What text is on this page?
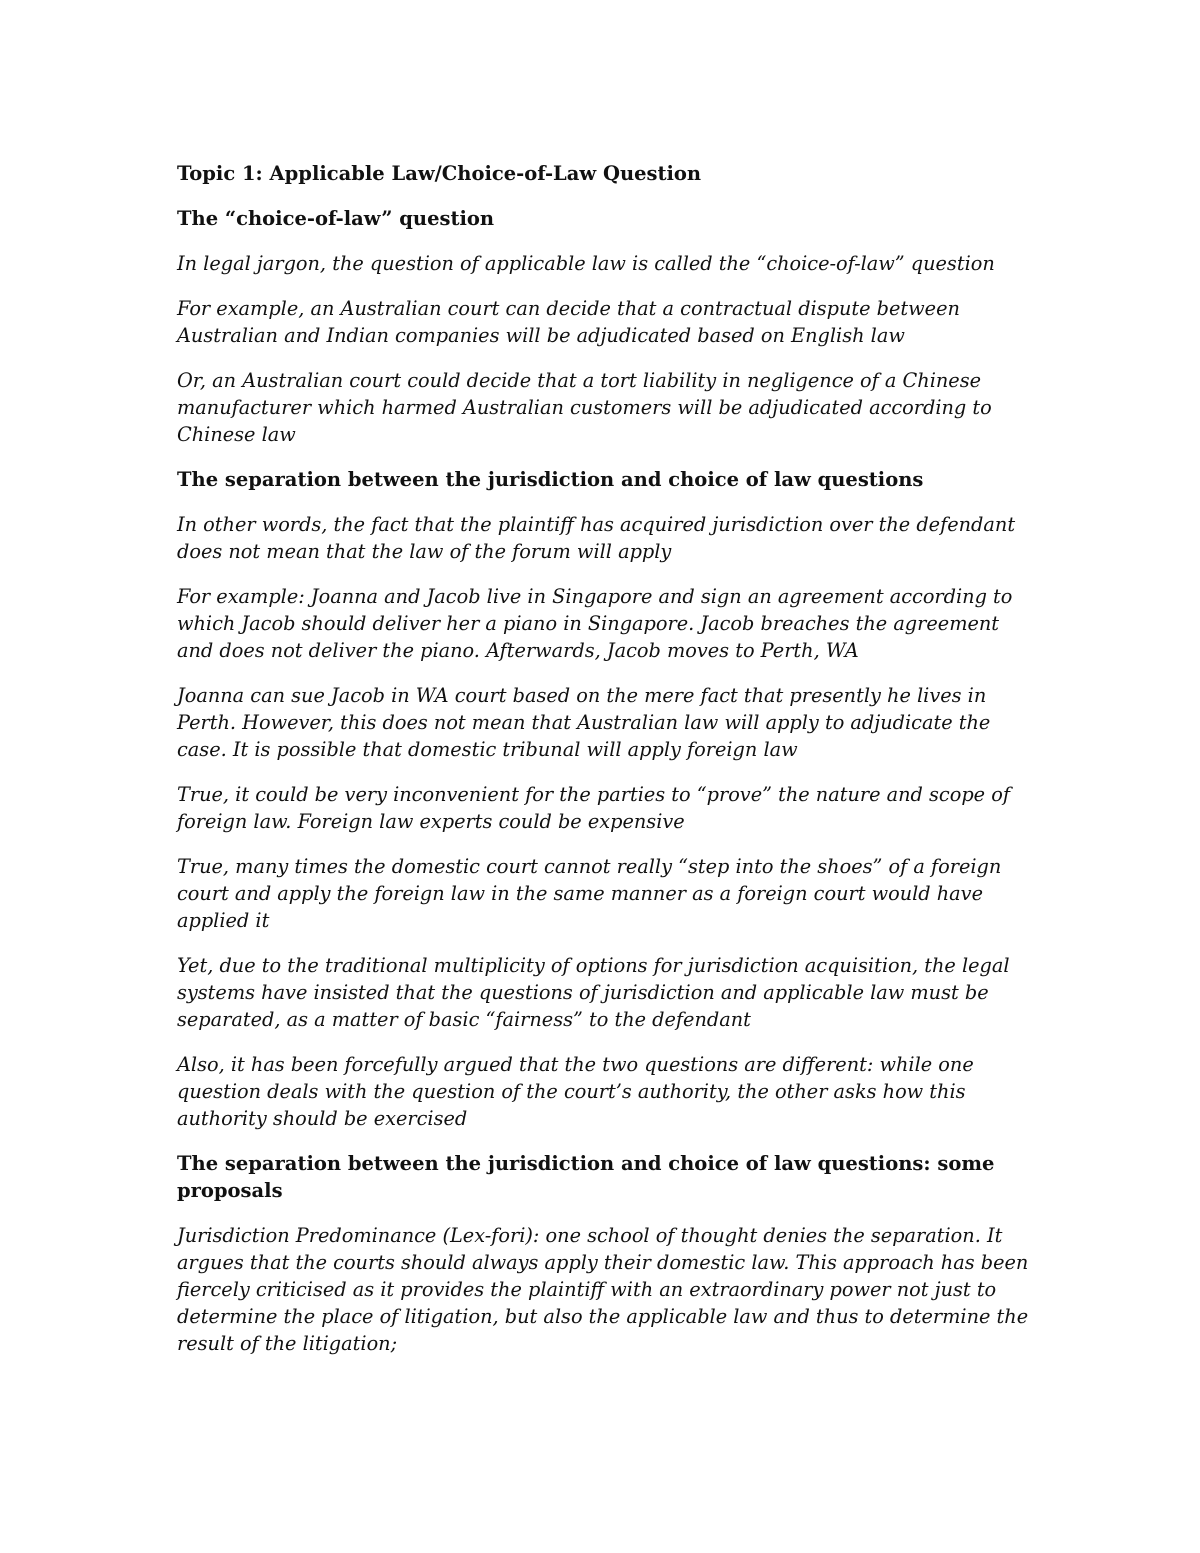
Topic 1: Applicable Law/Choice-of-Law Question
The “choice-of-law” question

In legal jargon, the question of applicable law is called the “choice-of-law” question

For example, an Australian court can decide that a contractual dispute between
Australian and Indian companies will be adjudicated based on English law

Or, an Australian court could decide that a tort liability in negligence of a Chinese
manufacturer which harmed Australian customers will be adjudicated according to
Chinese law

The separation between the jurisdiction and choice of law questions

In other words, the fact that the plaintiff has acquired jurisdiction over the defendant
does not mean that the law of the forum will apply

For example: Joanna and Jacob live in Singapore and sign an agreement according to
which Jacob should deliver her a piano in Singapore. Jacob breaches the agreement
and does not deliver the piano. Afterwards, Jacob moves to Perth, WA

Joanna can sue Jacob in WA court based on the mere fact that presently he lives in
Perth. However, this does not mean that Australian law will apply to adjudicate the
case. It is possible that domestic tribunal will apply foreign law

True, it could be very inconvenient for the parties to “prove” the nature and scope of
foreign law. Foreign law experts could be expensive

True, many times the domestic court cannot really “step into the shoes” of a foreign
court and apply the foreign law in the same manner as a foreign court would have
applied it

Yet, due to the traditional multiplicity of options for jurisdiction acquisition, the legal
systems have insisted that the questions of jurisdiction and applicable law must be
separated, as a matter of basic “fairness” to the defendant

Also, it has been forcefully argued that the two questions are different: while one
question deals with the question of the court’s authority, the other asks how this
authority should be exercised

The separation between the jurisdiction and choice of law questions: some
proposals

Jurisdiction Predominance (Lex-fori): one school of thought denies the separation. It
argues that the courts should always apply their domestic law. This approach has been
fiercely criticised as it provides the plaintiff with an extraordinary power not just to
determine the place of litigation, but also the applicable law and thus to determine the
result of the litigation;
